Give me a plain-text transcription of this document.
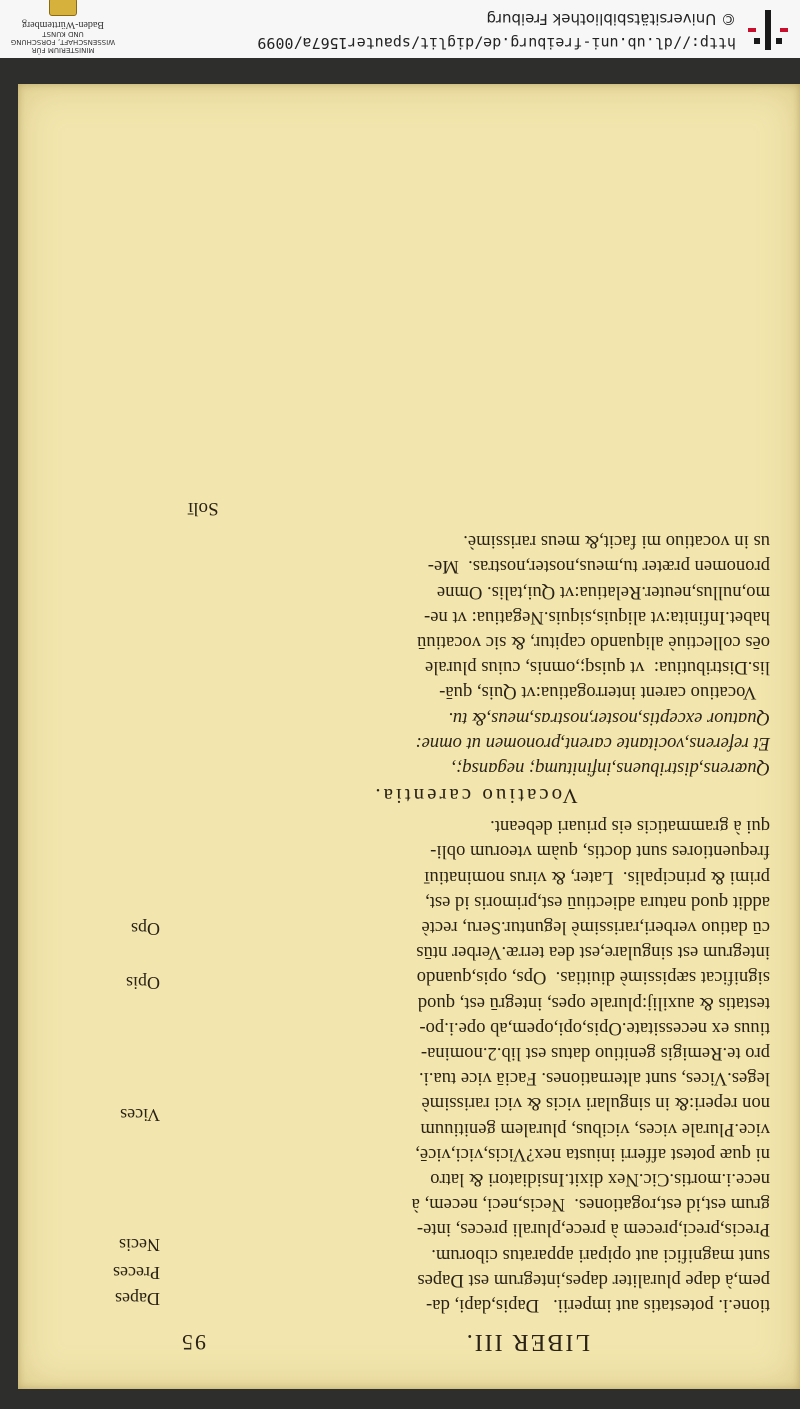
http://dl.ub.uni-freiburg.de/diglit/spauter1567a/0099
© Universitätsbibliothek Freiburg
MINISTERIUM FÜR WISSENSCHAFT, FORSCHUNG UND KUNST
Baden-Württemberg
LIBER III.
95
tione.i. potestatis aut imperii.   Dapis,dapi, da-
pem,à dape pluraliter dapes,integrum est Dapes
sunt magnifici aut opipari apparatus ciborum.
Precis,preci,precem à prece,plurali preces, inte-
grum est,id est,rogationes.  Necis,neci, necem, à
nece.i.mortis.Cic.Nex dixit.Insidiatori & latro
ni quæ potest afferri iniusta nex?Vicis,vici,vicē,
vice.Plurale vices, vicibus, pluralem genitiuum
non reperi:& in singulari vicis & vici rarissimè
leges.Vices, sunt alternationes. Faciā vice tua.i.
pro te.Remigis genitiuo datus est lib.2.nomina-
tiuus ex necessitate.Opis,opi,opem,ab ope.i.po-
testatis & auxilij:plurale opes, integrū est, quod
significat sæpissimè diuitias.  Ops, opis,quando
integrum est singulare,est dea terræ.Verber ntūs
cū datiuo verberi,rarissimè leguntur.Seru, rectè
addit quod natura adiectiuū est,primoris id est,
primi & principalis.  Later, & virus nominatiuī
frequentiores sunt doctis, quàm vteorum obli-
qui à grammaticis eis priuari debeant.
Vocatiuo carentia.
Quærens,distribuens,infinitumq; negansq;,
Et referens,vocitante carent,pronomen ut omne:
Quatuor exceptis,noster,nostras,meus,& tu.
Vocatiuo carent interrogatiua:vt Quis, quā-
lis.Distributiua:  vt quisq;,omnis, cuius plurale
oēs collectiuè aliquando capitur, & sic vocatiuū
habet.Infinita:vt aliquis,siquis.Negatiua: vt ne-
mo,nullus,neuter.Relatiua:vt Qui,talis. Omne
pronomen præter tu,meus,noster,nostras.  Me-
us in vocatiuo mi facit,& meus rarissimè.
Solī
Dapes
Preces
Necis
Vices
Opis
Ops
